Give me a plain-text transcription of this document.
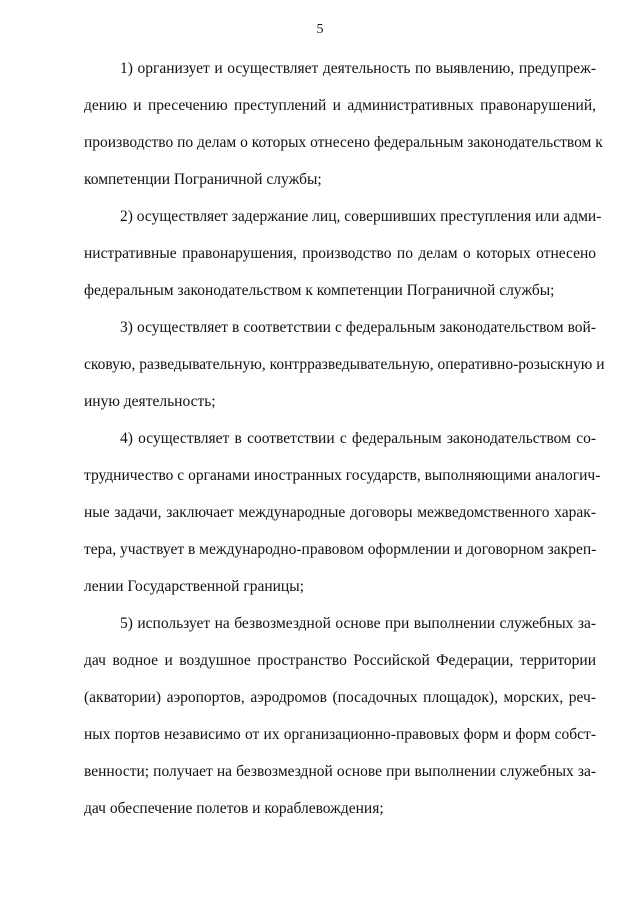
5
1) организует и осуществляет деятельность по выявлению, предупреж-
дению и пресечению преступлений и административных правонарушений,
производство по делам о которых отнесено федеральным законодательством к
компетенции Пограничной службы;
2) осуществляет задержание лиц, совершивших преступления или адми-
нистративные правонарушения, производство по делам о которых отнесено
федеральным законодательством к компетенции Пограничной службы;
3) осуществляет в соответствии с федеральным законодательством вой-
сковую, разведывательную, контрразведывательную, оперативно-розыскную и
иную деятельность;
4) осуществляет в соответствии с федеральным законодательством со-
трудничество с органами иностранных государств, выполняющими аналогич-
ные задачи, заключает международные договоры межведомственного харак-
тера, участвует в международно-правовом оформлении и договорном закреп-
лении Государственной границы;
5) использует на безвозмездной основе при выполнении служебных за-
дач водное и воздушное пространство Российской Федерации, территории
(акватории) аэропортов, аэродромов (посадочных площадок), морских, реч-
ных портов независимо от их организационно-правовых форм и форм собст-
венности; получает на безвозмездной основе при выполнении служебных за-
дач обеспечение полетов и кораблевождения;
